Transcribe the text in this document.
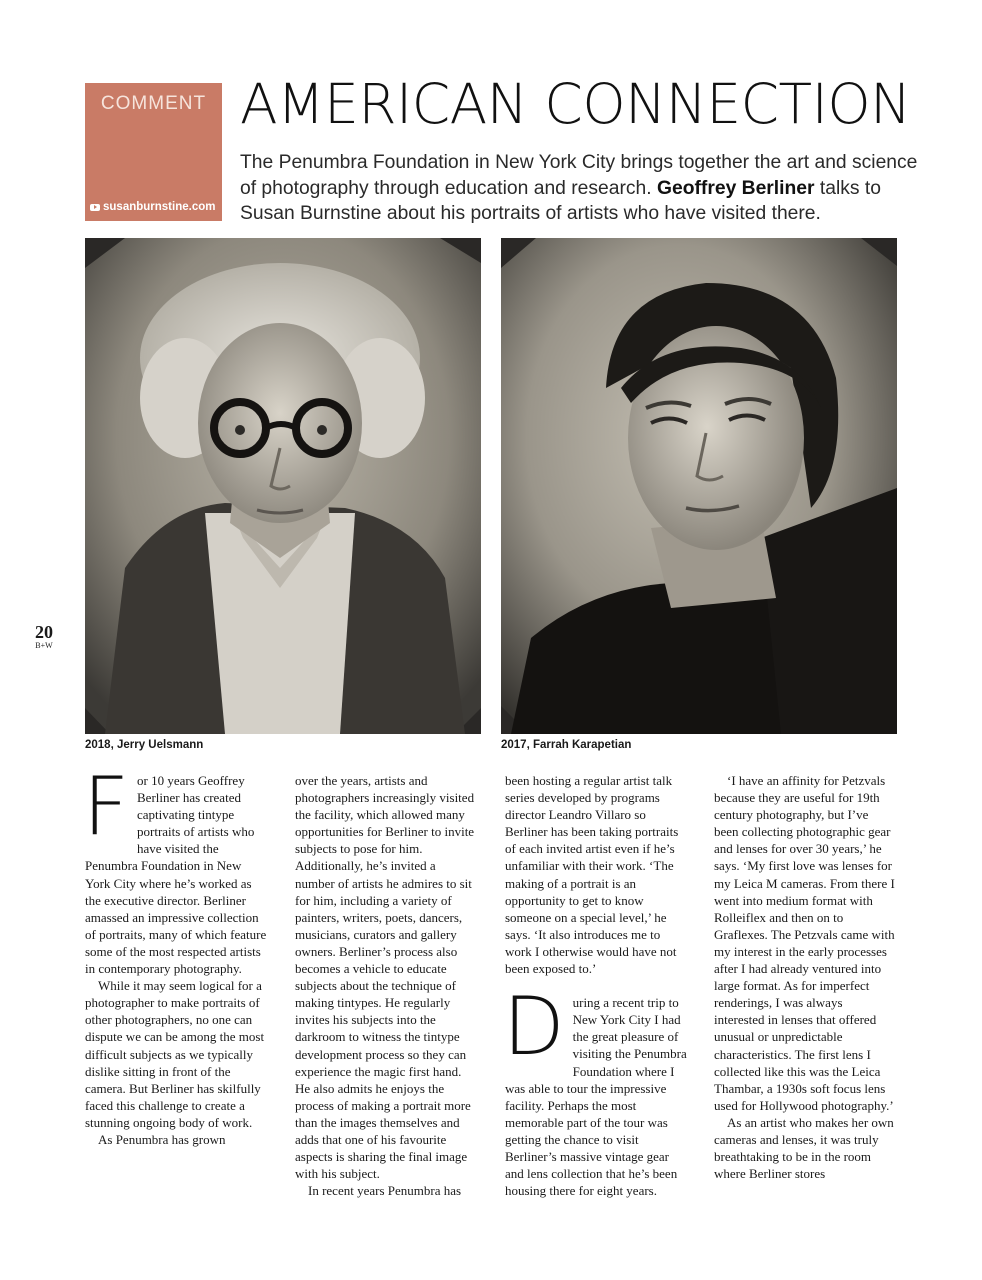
COMMENT
susanburnstine.com
AMERICAN CONNECTION

The Penumbra Foundation in New York City brings together the art and science of photography through education and research. Geoffrey Berliner talks to Susan Burnstine about his portraits of artists who have visited there.

2018, Jerry Uelsmann	2017, Farrah Karapetian
20
B+W

For 10 years Geoffrey Berliner has created captivating tintype portraits of artists who have visited the Penumbra Foundation in New York City where he’s worked as the executive director. Berliner amassed an impressive collection of portraits, many of which feature some of the most respected artists in contemporary photography.

While it may seem logical for a photographer to make portraits of other photographers, no one can dispute we can be among the most difficult subjects as we typically dislike sitting in front of the camera. But Berliner has skilfully faced this challenge to create a stunning ongoing body of work.

As Penumbra has grown

over the years, artists and photographers increasingly visited the facility, which allowed many opportunities for Berliner to invite subjects to pose for him. Additionally, he’s invited a number of artists he admires to sit for him, including a variety of painters, writers, poets, dancers, musicians, curators and gallery owners. Berliner’s process also becomes a vehicle to educate subjects about the technique of making tintypes. He regularly invites his subjects into the darkroom to witness the tintype development process so they can experience the magic first hand. He also admits he enjoys the process of making a portrait more than the images themselves and adds that one of his favourite aspects is sharing the final image with his subject.

In recent years Penumbra has

been hosting a regular artist talk series developed by programs director Leandro Villaro so Berliner has been taking portraits of each invited artist even if he’s unfamiliar with their work. ‘The making of a portrait is an opportunity to get to know someone on a special level,’ he says. ‘It also introduces me to work I otherwise would have not been exposed to.’

During a recent trip to New York City I had the great pleasure of visiting the Penumbra Foundation where I was able to tour the impressive facility. Perhaps the most memorable part of the tour was getting the chance to visit Berliner’s massive vintage gear and lens collection that he’s been housing there for eight years.

‘I have an affinity for Petzvals because they are useful for 19th century photography, but I’ve been collecting photographic gear and lenses for over 30 years,’ he says. ‘My first love was lenses for my Leica M cameras. From there I went into medium format with Rolleiflex and then on to Graflexes. The Petzvals came with my interest in the early processes after I had already ventured into large format. As for imperfect renderings, I was always interested in lenses that offered unusual or unpredictable characteristics. The first lens I collected like this was the Leica Thambar, a 1930s soft focus lens used for Hollywood photography.’

As an artist who makes her own cameras and lenses, it was truly breathtaking to be in the room where Berliner stores
